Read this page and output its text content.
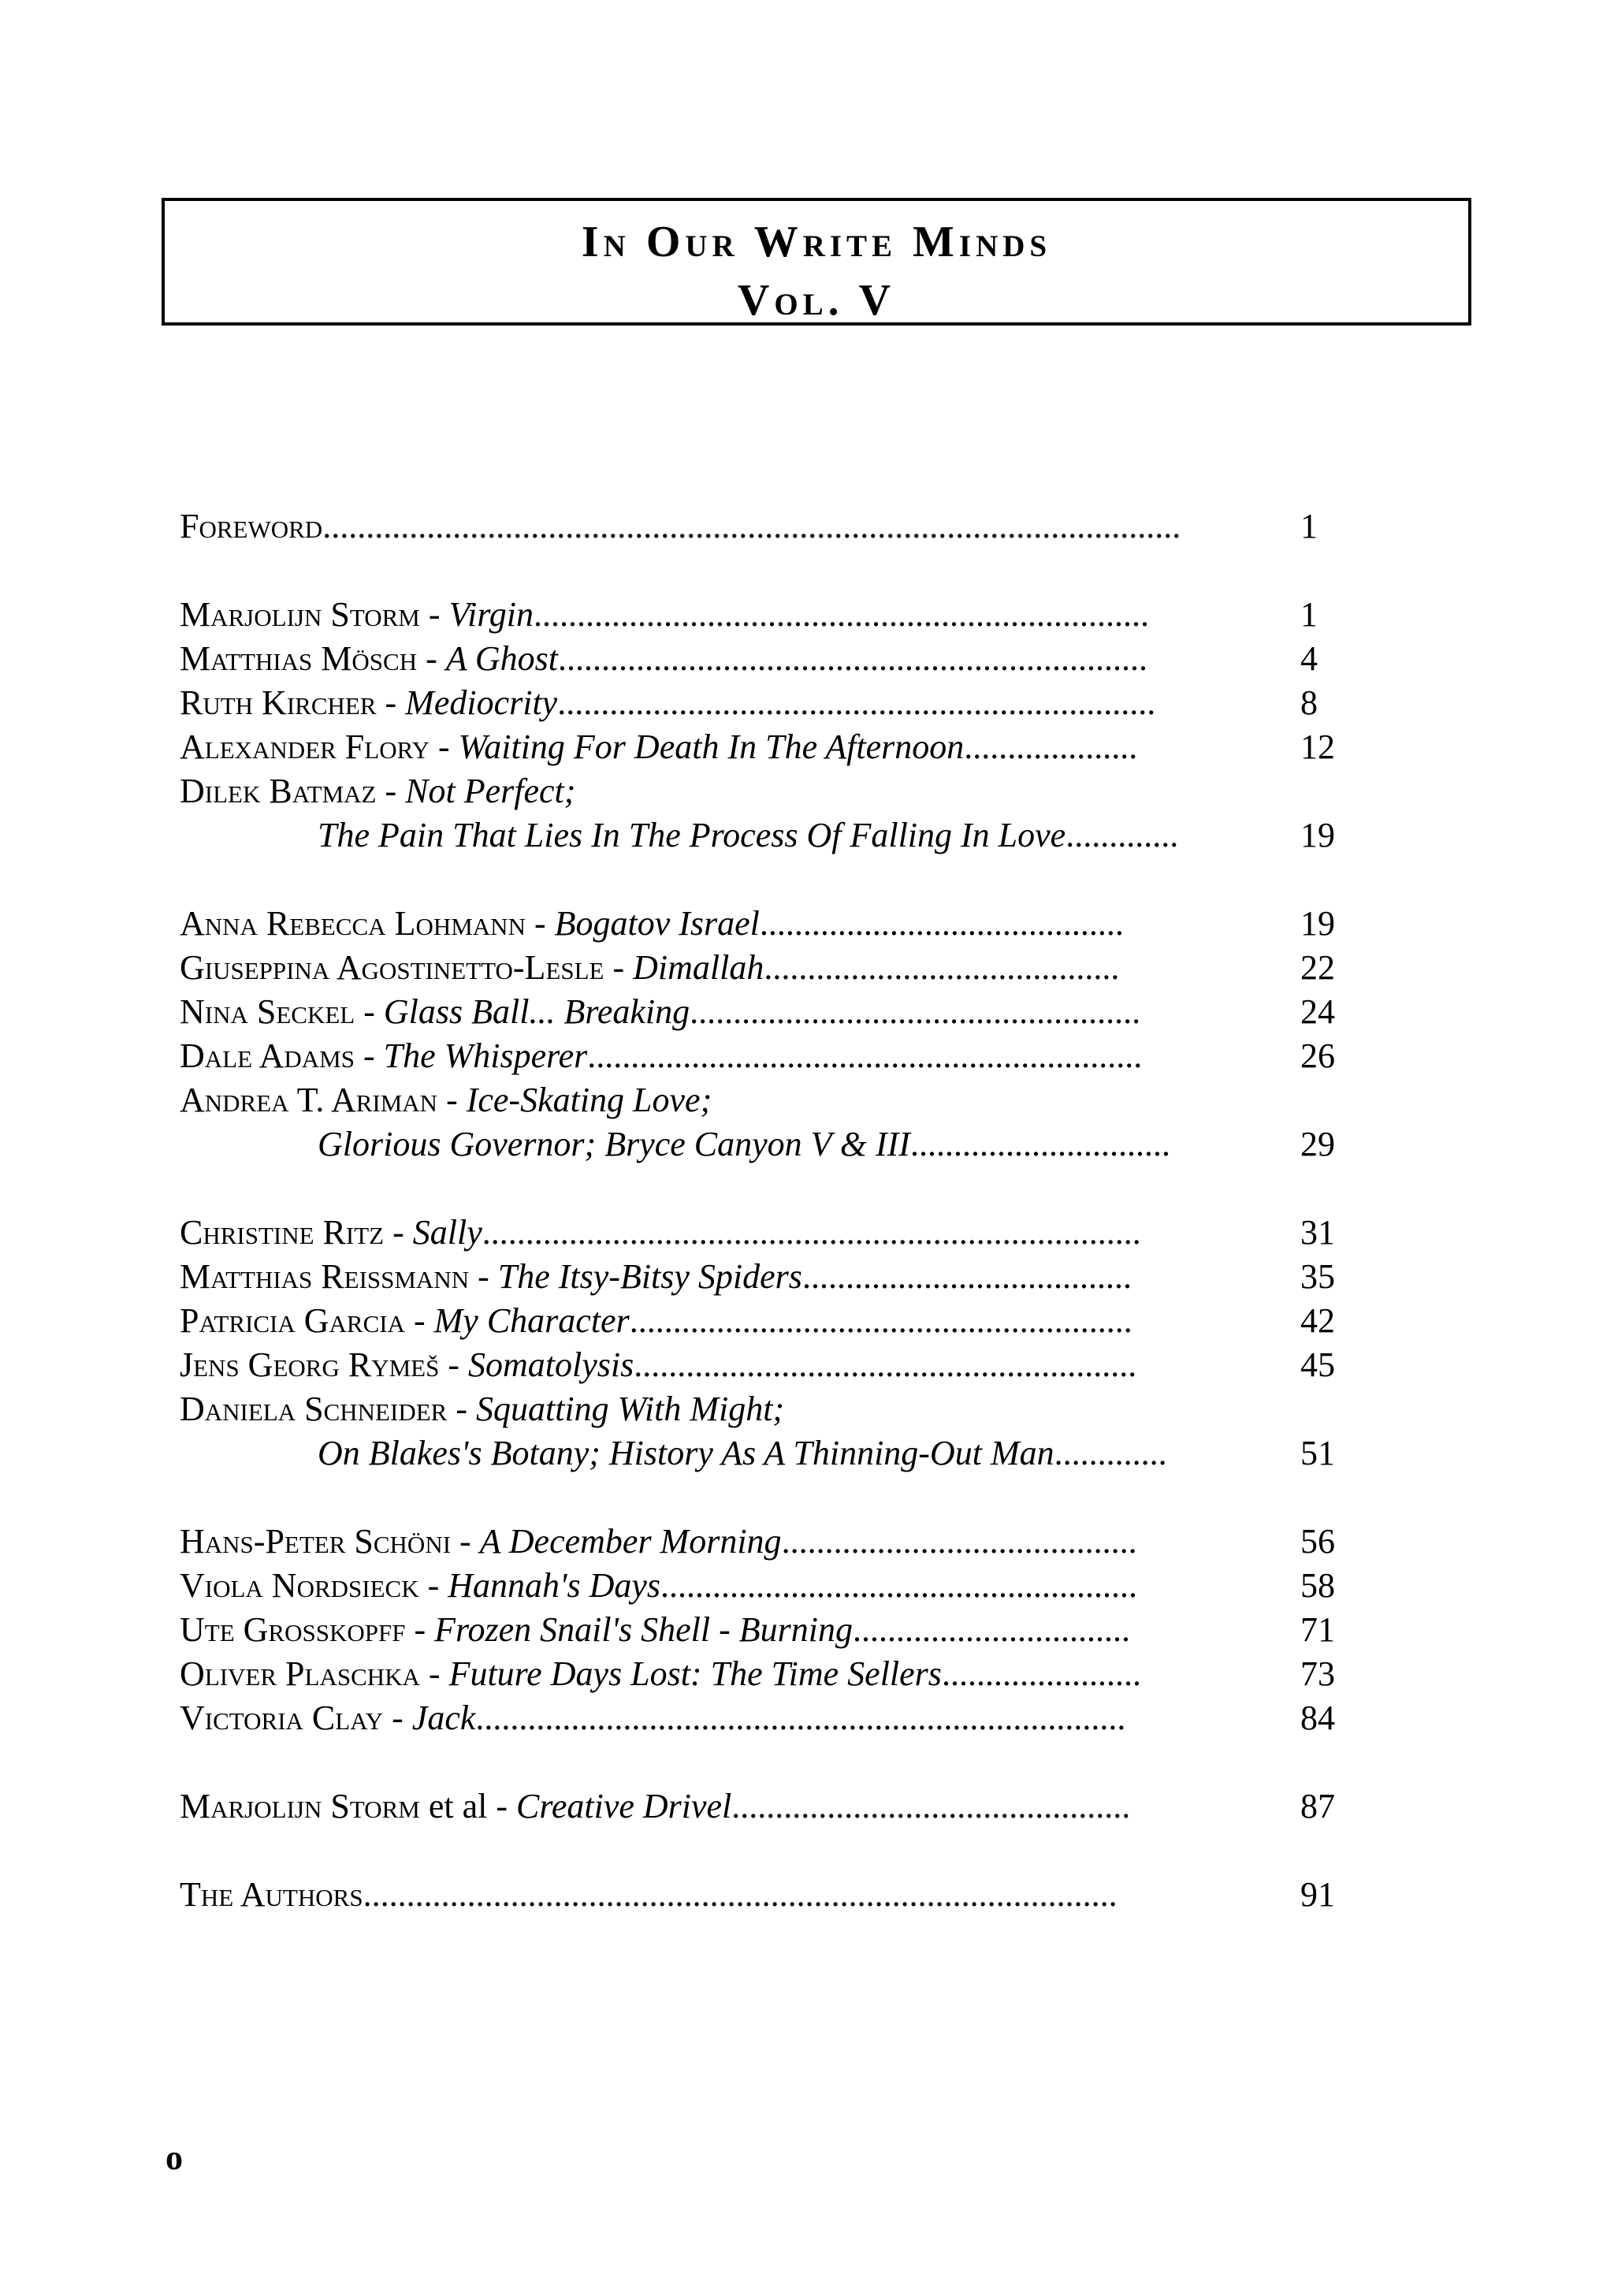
In Our Write Minds
Vol. V
Foreword...................................................................................................	1
Marjolijn Storm - Virgin.......................................................................	1
Matthias Mösch - A Ghost....................................................................	4
Ruth Kircher - Mediocrity.....................................................................	8
Alexander Flory - Waiting For Death In The Afternoon....................	12
Dilek Batmaz - Not Perfect;
The Pain That Lies In The Process Of Falling In Love.............	19
Anna Rebecca Lohmann - Bogatov Israel..........................................	19
Giuseppina Agostinetto-Lesle - Dimallah.........................................	22
Nina Seckel - Glass Ball... Breaking....................................................	24
Dale Adams - The Whisperer................................................................	26
Andrea T. Ariman - Ice-Skating Love;
Glorious Governor; Bryce Canyon V & III..............................	29
Christine Ritz - Sally............................................................................	31
Matthias Reissmann - The Itsy-Bitsy Spiders......................................	35
Patricia Garcia - My Character..........................................................	42
Jens Georg Rymeš - Somatolysis..........................................................	45
Daniela Schneider - Squatting With Might;
On Blakes's Botany; History As A Thinning-Out Man.............	51
Hans-Peter Schöni - A December Morning.........................................	56
Viola Nordsieck - Hannah's Days.......................................................	58
Ute Grosskopff - Frozen Snail's Shell - Burning................................	71
Oliver Plaschka - Future Days Lost: The Time Sellers.......................	73
Victoria Clay - Jack...........................................................................	84
Marjolijn Storm et al - Creative Drivel..............................................	87
The Authors.......................................................................................	91
o
